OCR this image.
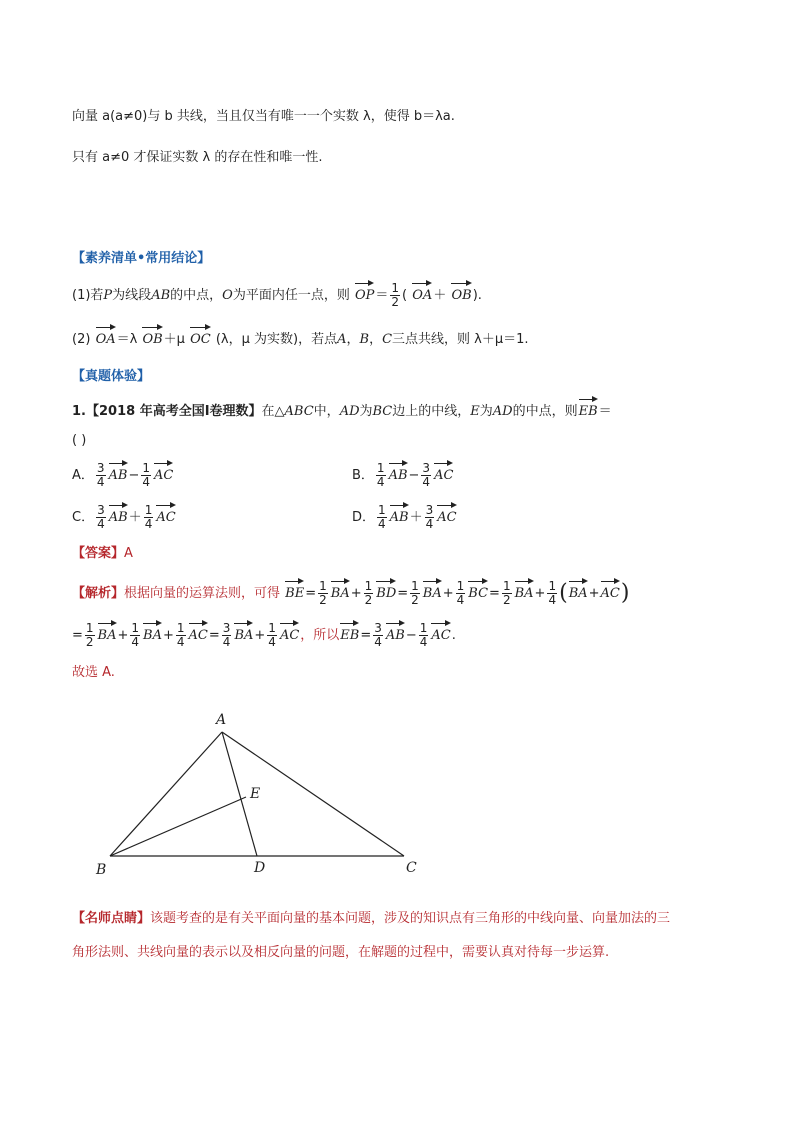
向量 a(a≠0)与 b 共线，当且仅当有唯一一个实数 λ，使得 b＝λa.
只有 a≠0 才保证实数 λ 的存在性和唯一性.
【素养清单•常用结论】
(1)若P为线段AB的中点，O为平面内任一点，则 $OP= \frac{1}{2}$ ( OA＋ OB).
(2) OA＝λ OB＋μ OC (λ，μ 为实数)，若点A，B，C三点共线，则 λ＋μ＝1.
【真题体验】
1.【2018 年高考全国Ⅰ卷理数】在△ABC中，AD为BC边上的中线，E为AD的中点，则EB＝
( )
A． $\frac{3}{4} AB- \frac{1}{4}$ AC	B． $\frac{1}{4} AB- \frac{3}{4}$ AC
C． $\frac{3}{4} AB+ \frac{1}{4}$ AC	D． $\frac{1}{4} AB+ \frac{3}{4}$ AC
【答案】A
【解析】根据向量的运算法则，可得 $BE= \frac{1}{2} BA+ \frac{1}{2} BD= \frac{1}{2} BA+ \frac{1}{4} BC= \frac{1}{2} BA+ \frac{1}{4} (BA+AC)$
= $\frac{1}{2} BA+ \frac{1}{4} BA+ \frac{1}{4} AC= \frac{3}{4} BA+ \frac{1}{4}$ AC，所以$EB= \frac{3}{4} AB- \frac{1}{4}$ AC.
故选 A.
A
B	C
D
E
【名师点睛】该题考查的是有关平面向量的基本问题，涉及的知识点有三角形的中线向量、向量加法的三
角形法则、共线向量的表示以及相反向量的问题，在解题的过程中，需要认真对待每一步运算.
